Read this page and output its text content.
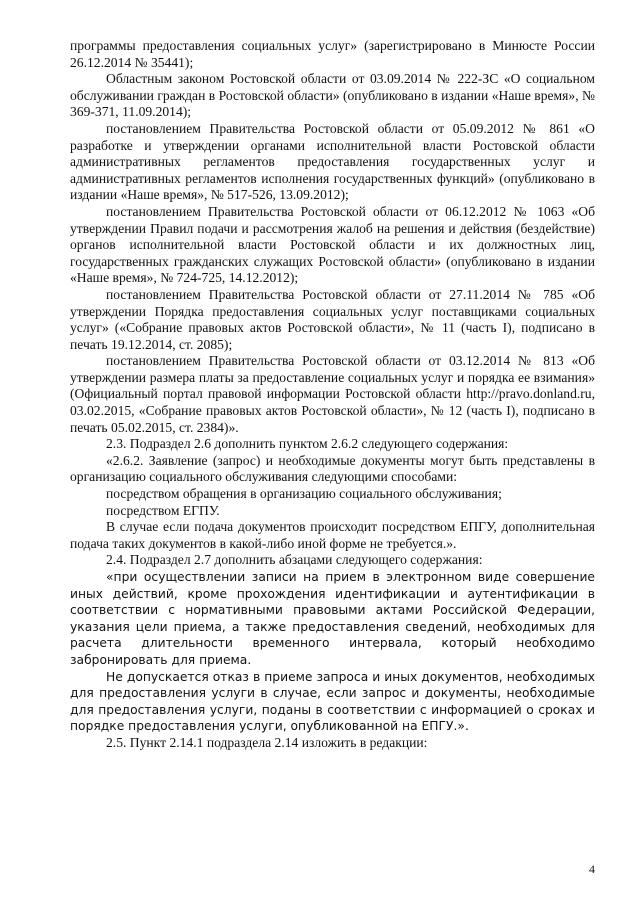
программы предоставления социальных услуг» (зарегистрировано в Минюсте России 26.12.2014 № 35441);

Областным законом Ростовской области от 03.09.2014 № 222-ЗС «О социальном обслуживании граждан в Ростовской области» (опубликовано в издании «Наше время», № 369-371, 11.09.2014);

постановлением Правительства Ростовской области от 05.09.2012 № 861 «О разработке и утверждении органами исполнительной власти Ростовской области административных регламентов предоставления государственных услуг и административных регламентов исполнения государственных функций» (опубликовано в издании «Наше время», № 517-526, 13.09.2012);

постановлением Правительства Ростовской области от 06.12.2012 № 1063 «Об утверждении Правил подачи и рассмотрения жалоб на решения и действия (бездействие) органов исполнительной власти Ростовской области и их должностных лиц, государственных гражданских служащих Ростовской области» (опубликовано в издании «Наше время», № 724-725, 14.12.2012);

постановлением Правительства Ростовской области от 27.11.2014 № 785 «Об утверждении Порядка предоставления социальных услуг поставщиками социальных услуг» («Собрание правовых актов Ростовской области», № 11 (часть I), подписано в печать 19.12.2014, ст. 2085);

постановлением Правительства Ростовской области от 03.12.2014 № 813 «Об утверждении размера платы за предоставление социальных услуг и порядка ее взимания» (Официальный портал правовой информации Ростовской области http://pravo.donland.ru, 03.02.2015, «Собрание правовых актов Ростовской области», № 12 (часть I), подписано в печать 05.02.2015, ст. 2384)».

2.3. Подраздел 2.6 дополнить пунктом 2.6.2 следующего содержания:

«2.6.2. Заявление (запрос) и необходимые документы могут быть представлены в организацию социального обслуживания следующими способами:

посредством обращения в организацию социального обслуживания;

посредством ЕГПУ.

В случае если подача документов происходит посредством ЕПГУ, дополнительная подача таких документов в какой-либо иной форме не требуется.».

2.4. Подраздел 2.7 дополнить абзацами следующего содержания:

«при осуществлении записи на прием в электронном виде совершение иных действий, кроме прохождения идентификации и аутентификации в соответствии с нормативными правовыми актами Российской Федерации, указания цели приема, а также предоставления сведений, необходимых для расчета длительности временного интервала, который необходимо забронировать для приема.

Не допускается отказ в приеме запроса и иных документов, необходимых для предоставления услуги в случае, если запрос и документы, необходимые для предоставления услуги, поданы в соответствии с информацией о сроках и порядке предоставления услуги, опубликованной на ЕПГУ.».

2.5. Пункт 2.14.1 подраздела 2.14 изложить в редакции:

4
